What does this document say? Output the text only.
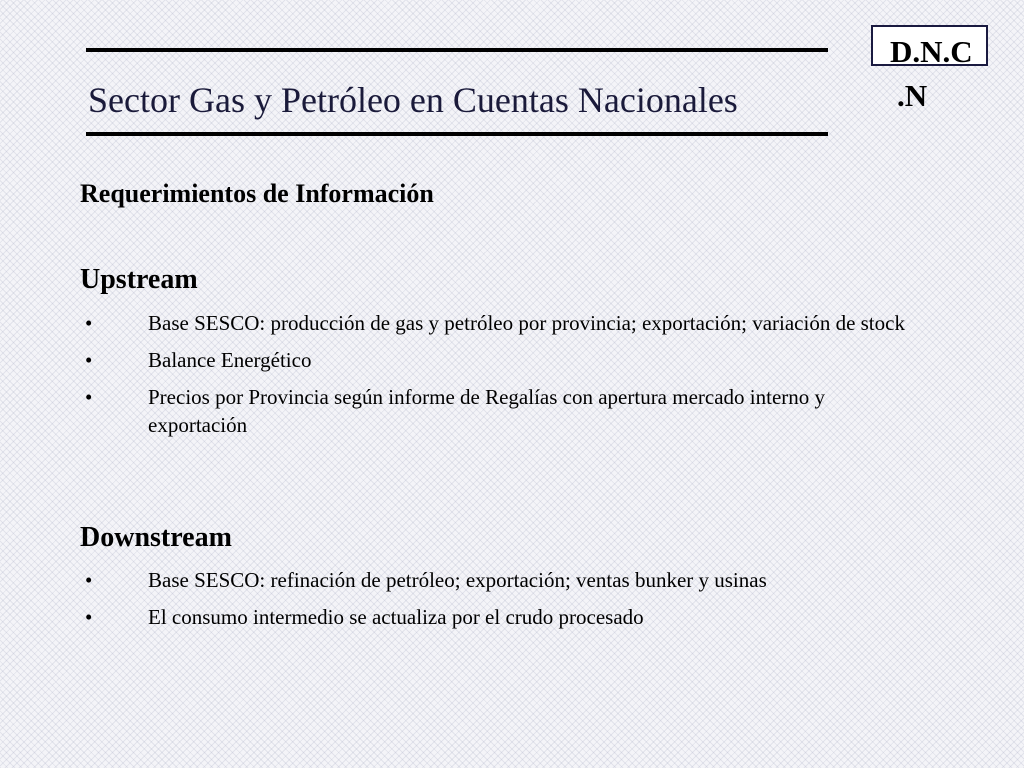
Sector Gas y Petróleo en Cuentas Nacionales
D.N.C
.N
Requerimientos de Información
Upstream
•	Base SESCO: producción de gas y petróleo por provincia; exportación; variación de stock
•	Balance Energético
•	Precios por Provincia según informe de Regalías con apertura mercado interno y exportación
Downstream
•	Base SESCO: refinación de petróleo; exportación; ventas bunker y usinas
•	El consumo intermedio se actualiza por el crudo procesado
